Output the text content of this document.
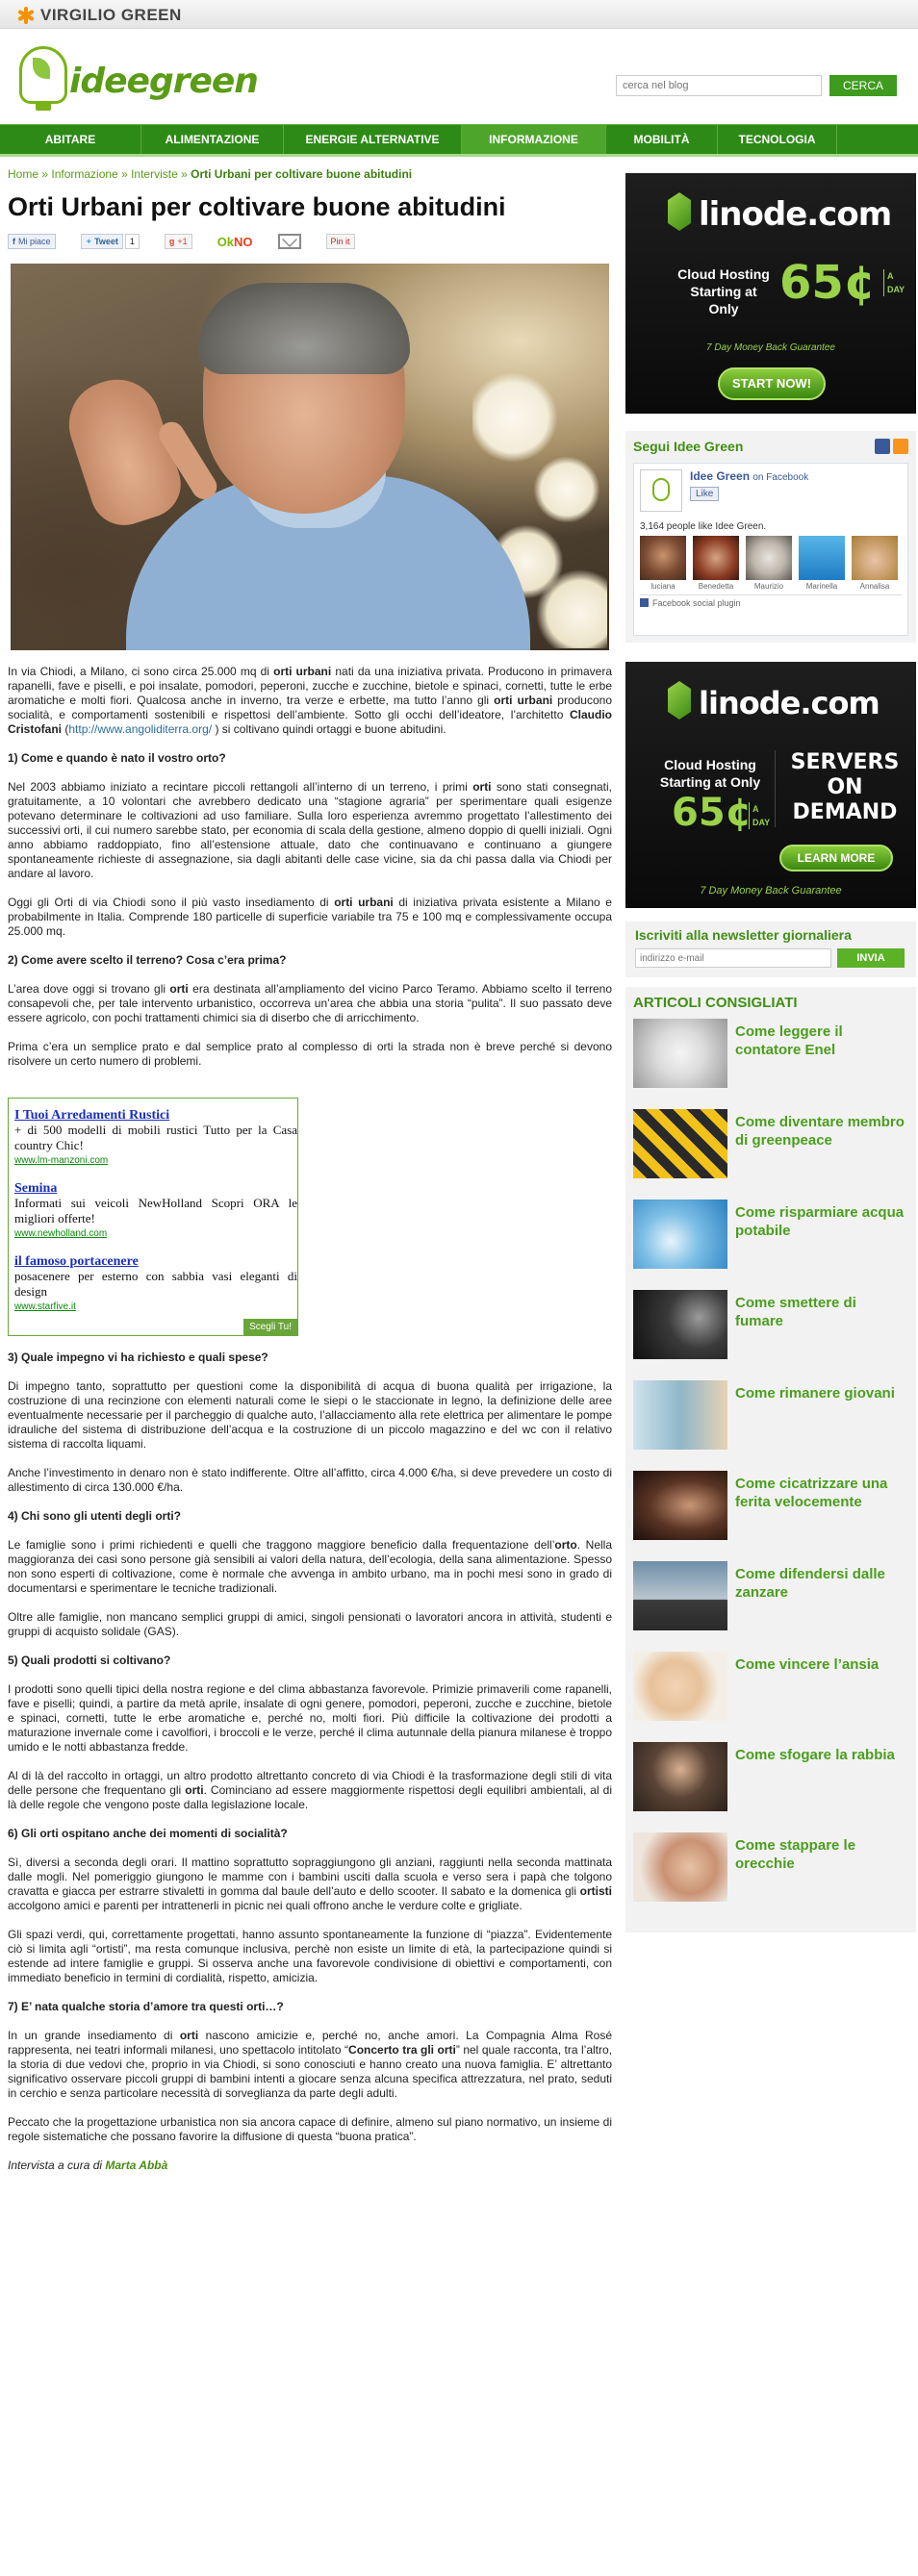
VIRGILIO GREEN
ideegreen
cerca nel blog	CERCA
ABITARE	ALIMENTAZIONE	ENERGIE ALTERNATIVE	INFORMAZIONE	MOBILITÀ	TECNOLOGIA
Home » Informazione » Interviste » Orti Urbani per coltivare buone abitudini
Orti Urbani per coltivare buone abitudini
f Mi piace	✦ Tweet	1	g +1 OkNO	Pin it

In via Chiodi, a Milano, ci sono circa 25.000 mq di orti urbani nati da una iniziativa privata. Producono in primavera rapanelli, fave e piselli, e poi insalate, pomodori, peperoni, zucche e zucchine, bietole e spinaci, cornetti, tutte le erbe aromatiche e molti fiori. Qualcosa anche in inverno, tra verze e erbette, ma tutto l’anno gli orti urbani producono socialità, e comportamenti sostenibili e rispettosi dell’ambiente. Sotto gli occhi dell’ideatore, l’architetto Claudio Cristofani (http://www.angoliditerra.org/ ) si coltivano quindi ortaggi e buone abitudini.

1) Come e quando è nato il vostro orto?

Nel 2003 abbiamo iniziato a recintare piccoli rettangoli all’interno di un terreno, i primi orti sono stati consegnati, gratuitamente, a 10 volontari che avrebbero dedicato una “stagione agraria” per sperimentare quali esigenze potevano determinare le coltivazioni ad uso familiare. Sulla loro esperienza avremmo progettato l’allestimento dei successivi orti, il cui numero sarebbe stato, per economia di scala della gestione, almeno doppio di quelli iniziali. Ogni anno abbiamo raddoppiato, fino all’estensione attuale, dato che continuavano e continuano a giungere spontaneamente richieste di assegnazione, sia dagli abitanti delle case vicine, sia da chi passa dalla via Chiodi per andare al lavoro.

Oggi gli Orti di via Chiodi sono il più vasto insediamento di orti urbani di iniziativa privata esistente a Milano e probabilmente in Italia. Comprende 180 particelle di superficie variabile tra 75 e 100 mq e complessivamente occupa 25.000 mq.

2) Come avere scelto il terreno? Cosa c’era prima?

L’area dove oggi si trovano gli orti era destinata all’ampliamento del vicino Parco Teramo. Abbiamo scelto il terreno consapevoli che, per tale intervento urbanistico, occorreva un’area che abbia una storia “pulita”. Il suo passato deve essere agricolo, con pochi trattamenti chimici sia di diserbo che di arricchimento.

Prima c’era un semplice prato e dal semplice prato al complesso di orti la strada non è breve perché si devono risolvere un certo numero di problemi.

I Tuoi Arredamenti Rustici
+ di 500 modelli di mobili rustici Tutto per la Casa country Chic!
www.lm-manzoni.com
Semina
Informati sui veicoli NewHolland Scopri ORA le migliori offerte!
www.newholland.com
il famoso portacenere
posacenere per esterno con sabbia vasi eleganti di design
www.starfive.it
Scegli Tu!
3) Quale impegno vi ha richiesto e quali spese?

Di impegno tanto, soprattutto per questioni come la disponibilità di acqua di buona qualità per irrigazione, la costruzione di una recinzione con elementi naturali come le siepi o le staccionate in legno, la definizione delle aree eventualmente necessarie per il parcheggio di qualche auto, l’allacciamento alla rete elettrica per alimentare le pompe idrauliche del sistema di distribuzione dell’acqua e la costruzione di un piccolo magazzino e del wc con il relativo sistema di raccolta liquami.

Anche l’investimento in denaro non è stato indifferente. Oltre all’affitto, circa 4.000 €/ha, si deve prevedere un costo di allestimento di circa 130.000 €/ha.

4) Chi sono gli utenti degli orti?

Le famiglie sono i primi richiedenti e quelli che traggono maggiore beneficio dalla frequentazione dell’orto. Nella maggioranza dei casi sono persone già sensibili ai valori della natura, dell’ecologia, della sana alimentazione. Spesso non sono esperti di coltivazione, come è normale che avvenga in ambito urbano, ma in pochi mesi sono in grado di documentarsi e sperimentare le tecniche tradizionali.

Oltre alle famiglie, non mancano semplici gruppi di amici, singoli pensionati o lavoratori ancora in attività, studenti e gruppi di acquisto solidale (GAS).

5) Quali prodotti si coltivano?

I prodotti sono quelli tipici della nostra regione e del clima abbastanza favorevole. Primizie primaverili come rapanelli, fave e piselli; quindi, a partire da metà aprile, insalate di ogni genere, pomodori, peperoni, zucche e zucchine, bietole e spinaci, cornetti, tutte le erbe aromatiche e, perché no, molti fiori. Più difficile la coltivazione dei prodotti a maturazione invernale come i cavolfiori, i broccoli e le verze, perché il clima autunnale della pianura milanese è troppo umido e le notti abbastanza fredde.

Al di là del raccolto in ortaggi, un altro prodotto altrettanto concreto di via Chiodi è la trasformazione degli stili di vita delle persone che frequentano gli orti. Cominciano ad essere maggiormente rispettosi degli equilibri ambientali, al di là delle regole che vengono poste dalla legislazione locale.

6) Gli orti ospitano anche dei momenti di socialità?

Sì, diversi a seconda degli orari. Il mattino soprattutto sopraggiungono gli anziani, raggiunti nella seconda mattinata dalle mogli. Nel pomeriggio giungono le mamme con i bambini usciti dalla scuola e verso sera i papà che tolgono cravatta e giacca per estrarre stivaletti in gomma dal baule dell’auto e dello scooter. Il sabato e la domenica gli ortisti accolgono amici e parenti per intrattenerli in picnic nei quali offrono anche le verdure colte e grigliate.

Gli spazi verdi, qui, correttamente progettati, hanno assunto spontaneamente la funzione di “piazza”. Evidentemente ciò si limita agli “ortisti”, ma resta comunque inclusiva, perchè non esiste un limite di età, la partecipazione quindi si estende ad intere famiglie e gruppi. Si osserva anche una favorevole condivisione di obiettivi e comportamenti, con immediato beneficio in termini di cordialità, rispetto, amicizia.

7) E’ nata qualche storia d’amore tra questi orti…?

In un grande insediamento di orti nascono amicizie e, perché no, anche amori. La Compagnia Alma Rosé rappresenta, nei teatri informali milanesi, uno spettacolo intitolato “Concerto tra gli orti” nel quale racconta, tra l’altro, la storia di due vedovi che, proprio in via Chiodi, si sono conosciuti e hanno creato una nuova famiglia. E’ altrettanto significativo osservare piccoli gruppi di bambini intenti a giocare senza alcuna specifica attrezzatura, nel prato, seduti in cerchio e senza particolare necessità di sorveglianza da parte degli adulti.

Peccato che la progettazione urbanistica non sia ancora capace di definire, almeno sul piano normativo, un insieme di regole sistematiche che possano favorire la diffusione di questa “buona pratica”.

Intervista a cura di Marta Abbà

linode.com
Cloud Hosting Starting at Only 65¢	A DAY
7 Day Money Back Guarantee
START NOW!
Segui Idee Green
Idee Green on Facebook
Like
3,164 people like Idee Green.
luciana	Benedetta	Maurizio	Marinella	Annalisa
Facebook social plugin
linode.com
Cloud Hosting Starting at Only
65¢ A DAY
SERVERS ON DEMAND
LEARN MORE
7 Day Money Back Guarantee
Iscriviti alla newsletter giornaliera
indirizzo e-mail
INVIA
ARTICOLI CONSIGLIATI
Come leggere il contatore Enel
Come diventare membro di greenpeace
Come risparmiare acqua potabile
Come smettere di fumare
Come rimanere giovani
Come cicatrizzare una ferita velocemente
Come difendersi dalle zanzare
Come vincere l’ansia
Come sfogare la rabbia
Come stappare le orecchie
